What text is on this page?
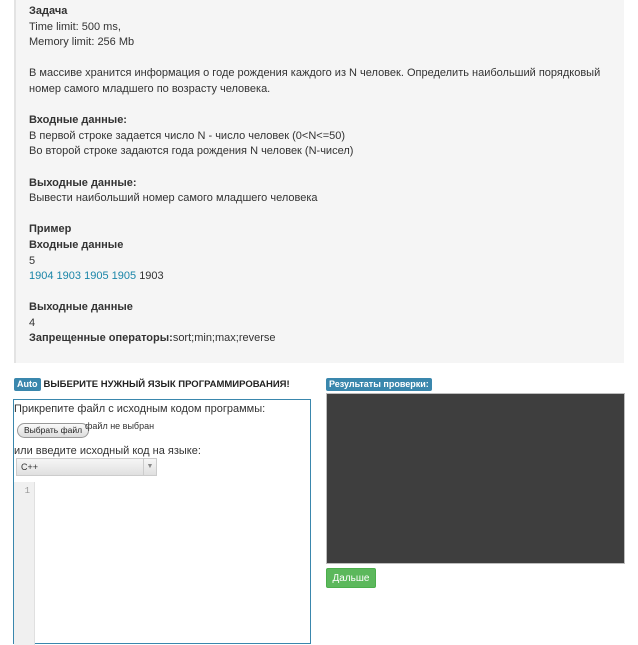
Задача
Time limit: 500 ms,
Memory limit: 256 Mb
В массиве хранится информация о годе рождения каждого из N человек. Определить наибольший порядковый
номер самого младшего по возрасту человека.
Входные данные:
В первой строке задается число N - число человек (0<N<=50)
Во второй строке задаются года рождения N человек (N-чисел)
Выходные данные:
Вывести наибольший номер самого младшего человека
Пример
Входные данные
5
1904 1903 1905 1905 1903
Выходные данные
4
Запрещенные операторы:sort;min;max;reverse
Auto ВЫБЕРИТЕ НУЖНЫЙ ЯЗЫК ПРОГРАММИРОВАНИЯ!
Прикрепите файл с исходным кодом программы:
Выбрать файл файл не выбран
или введите исходный код на языке:
C++	▼
1
Результаты проверки:
Дальше
